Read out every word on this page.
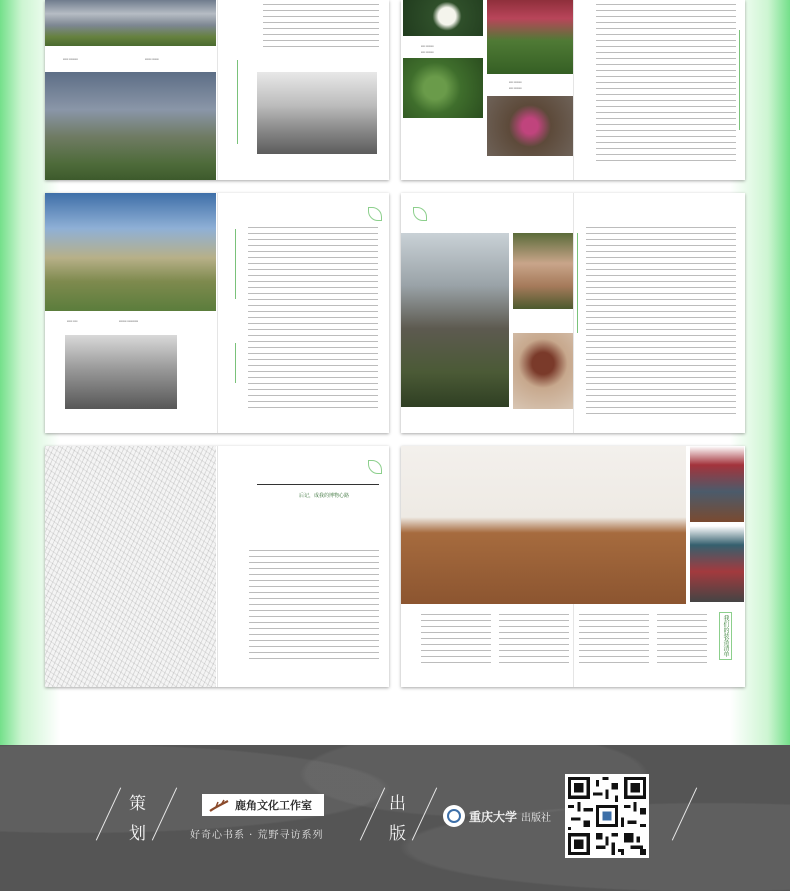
▪▪▪▪▪ ▪▪▪▪▪▪▪▪	▪▪▪▪▪▪ ▪▪▪▪▪▪
▪▪▪▪ ▪▪▪▪▪▪▪
▪▪▪▪ ▪▪▪▪▪▪▪
▪▪▪▪ ▪▪▪▪▪▪▪
▪▪▪▪ ▪▪▪▪▪▪▪
▪▪▪▪▪ ▪▪▪▪	▪▪▪▪▪▪▪ ▪▪▪▪▪▪▪▪▪▪
后记，成我的博物心路
我们的装备清单
策
划
出
版
鹿角文化工作室
好奇心书系 · 荒野寻访系列
重庆大学 出版社
